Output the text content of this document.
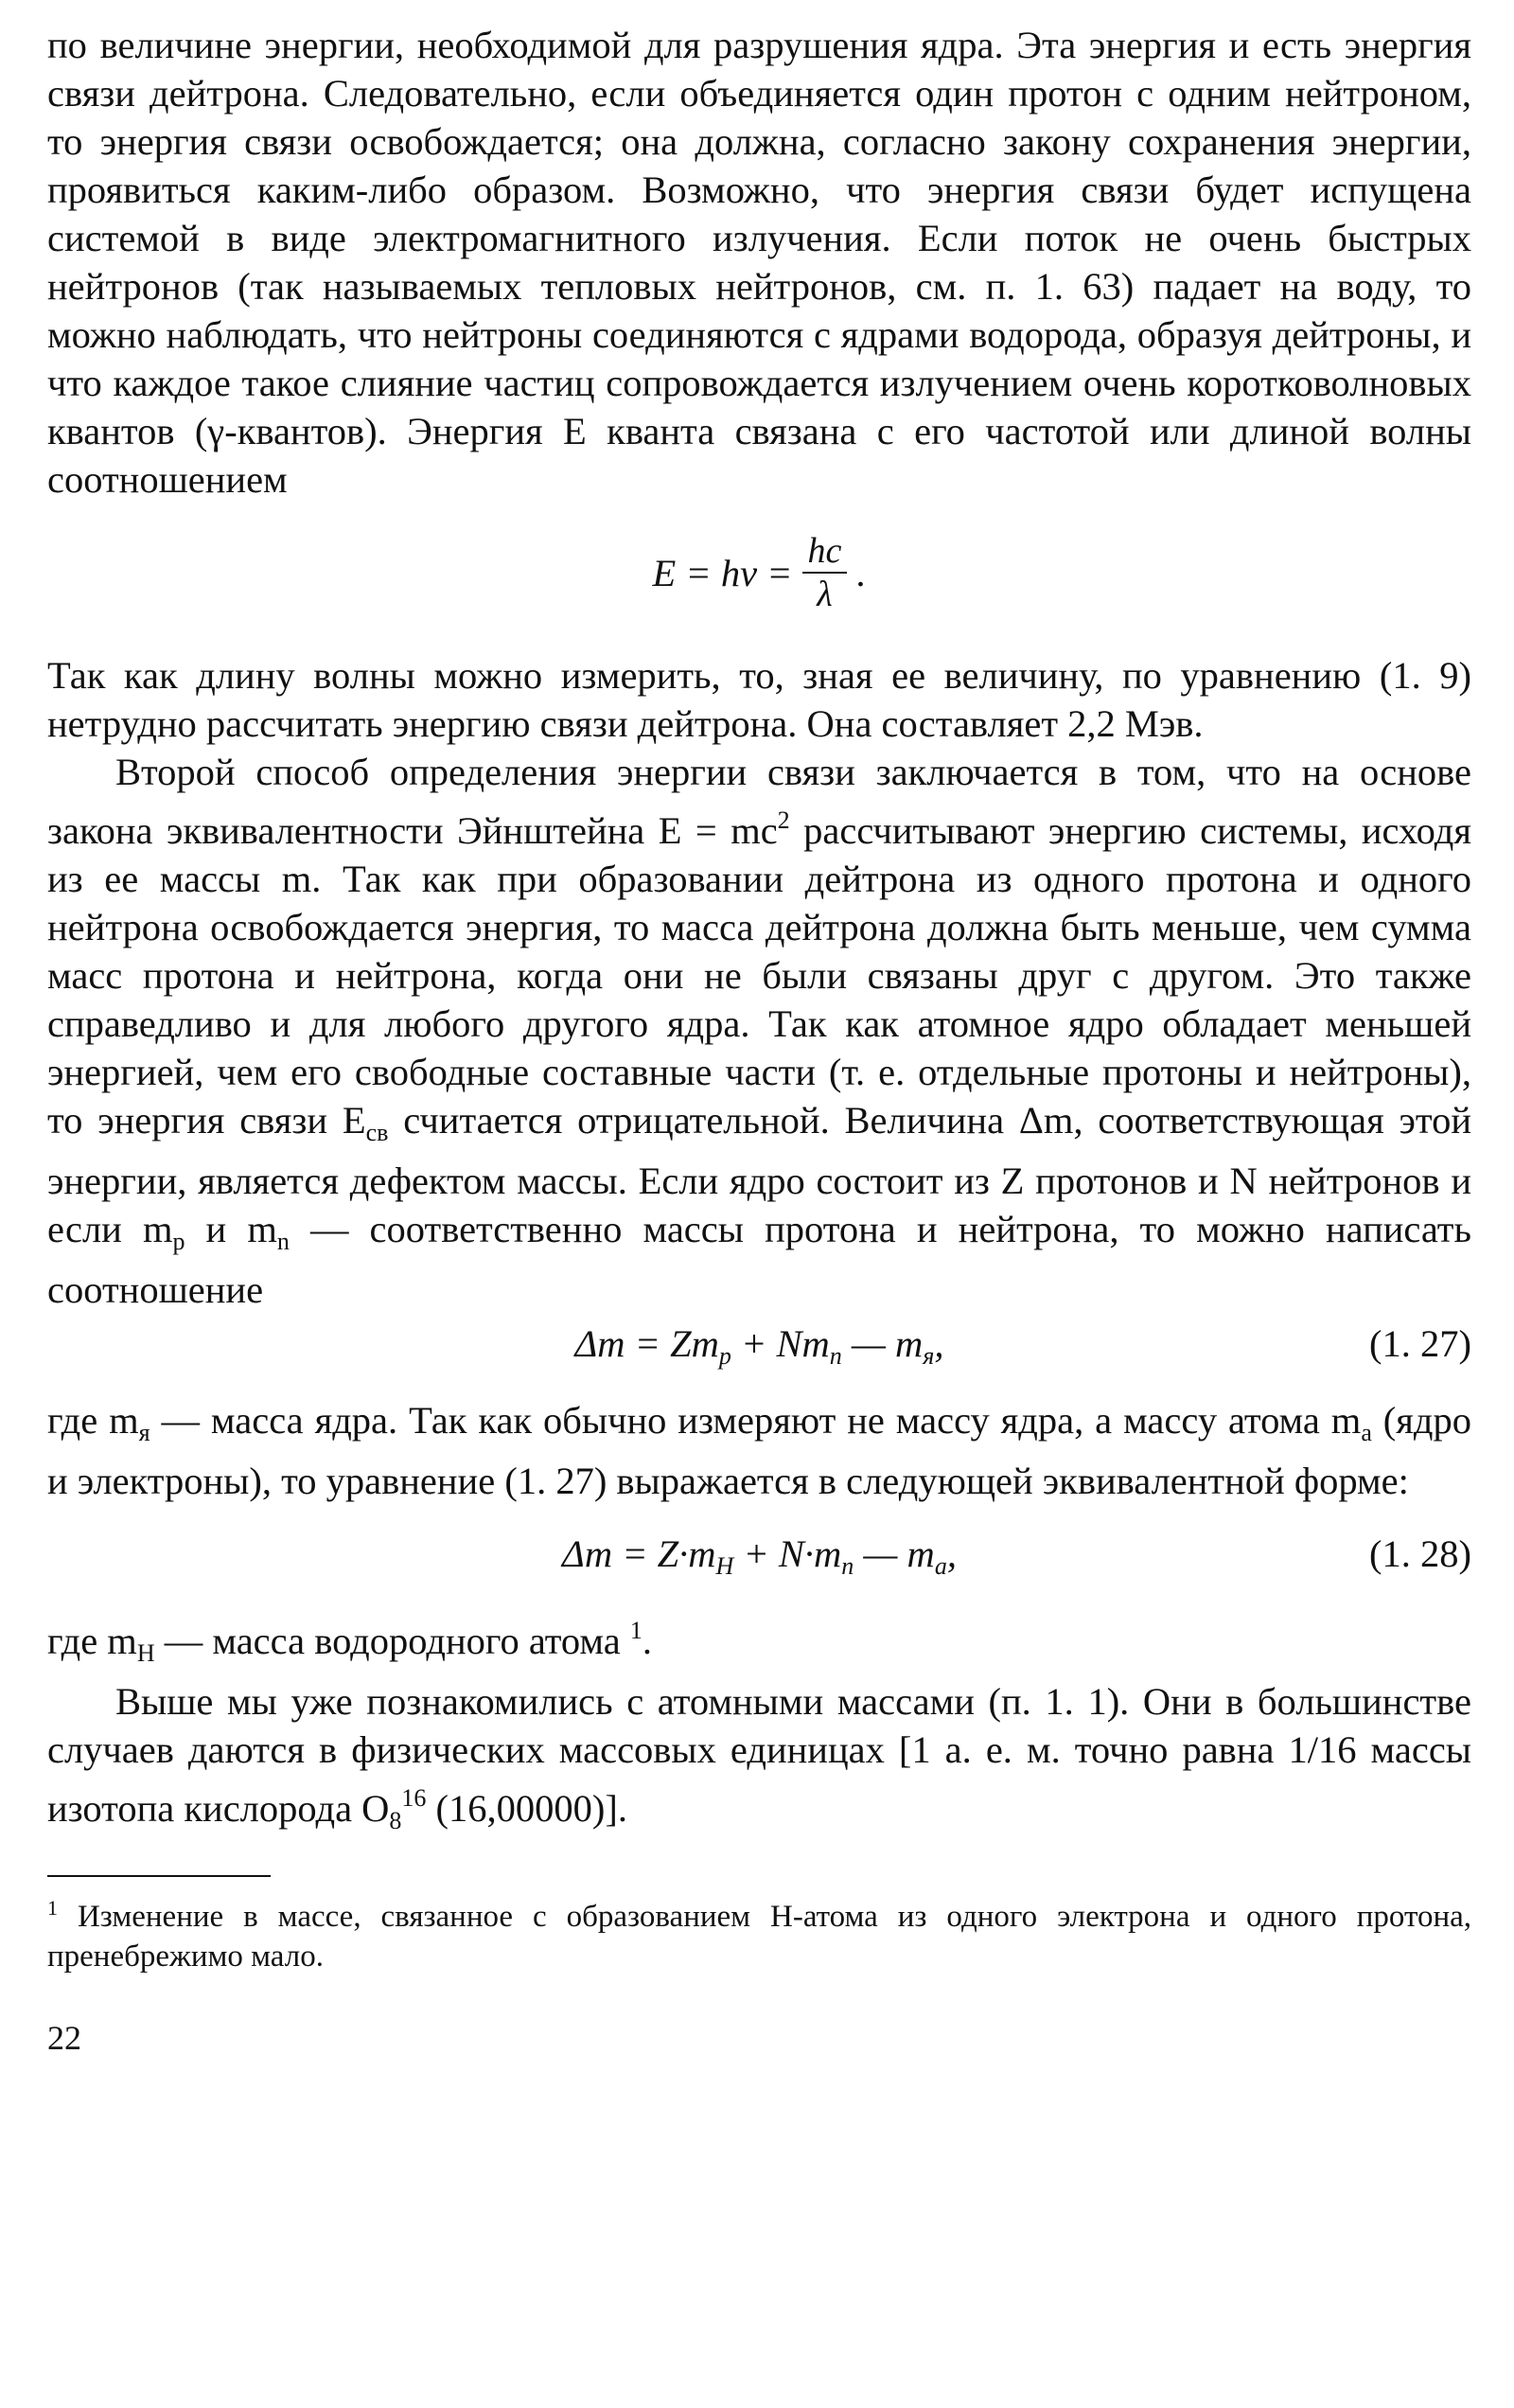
по величине энергии, необходимой для разрушения ядра. Эта энергия и есть энергия связи дейтрона. Следовательно, если объединяется один протон с одним нейтроном, то энергия связи освобождается; она должна, согласно закону сохранения энергии, проявиться каким-либо образом. Возможно, что энергия связи будет испущена системой в виде электромагнитного излучения. Если поток не очень быстрых нейтронов (так называемых тепловых нейтронов, см. п. 1. 63) падает на воду, то можно наблюдать, что нейтроны соединяются с ядрами водорода, образуя дейтроны, и что каждое такое слияние частиц сопровождается излучением очень коротковолновых квантов (γ-квантов). Энергия E кванта связана с его частотой или длиной волны соотношением

$E = h\nu = \frac{hc}{\lambda}$ .

Так как длину волны можно измерить, то, зная ее величину, по уравнению (1. 9) нетрудно рассчитать энергию связи дейтрона. Она составляет 2,2 Мэв.

Второй способ определения энергии связи заключается в том, что на основе закона эквивалентности Эйнштейна $E = mc^2$ рассчитывают энергию системы, исходя из ее массы m. Так как при образовании дейтрона из одного протона и одного нейтрона освобождается энергия, то масса дейтрона должна быть меньше, чем сумма масс протона и нейтрона, когда они не были связаны друг с другом. Это также справедливо и для любого другого ядра. Так как атомное ядро обладает меньшей энергией, чем его свободные составные части (т. е. отдельные протоны и нейтроны), то энергия связи $E_{св}$ считается отрицательной. Величина Δm, соответствующая этой энергии, является дефектом массы. Если ядро состоит из Z протонов и N нейтронов и если $m_p$ и $m_n$ — соответственно массы протона и нейтрона, то можно написать соотношение

$\Delta m = Zm_p + Nm_n$ — $m_я$,	(1. 27)

где $m_я$ — масса ядра. Так как обычно измеряют не массу ядра, а массу атома $m_а$ (ядро и электроны), то уравнение (1. 27) выражается в следующей эквивалентной форме:

$\Delta m = Z\cdot m_H + N\cdot m_n$ — $m_a$,	(1. 28)

где $m_H$ — масса водородного атома $^1$.

Выше мы уже познакомились с атомными массами (п. 1. 1). Они в большинстве случаев даются в физических массовых единицах [1 а. е. м. точно равна 1/16 массы изотопа кислорода $O_8^{16}$ (16,00000)].

$^1$ Изменение в массе, связанное с образованием H-атома из одного электрона и одного протона, пренебрежимо мало.

22
